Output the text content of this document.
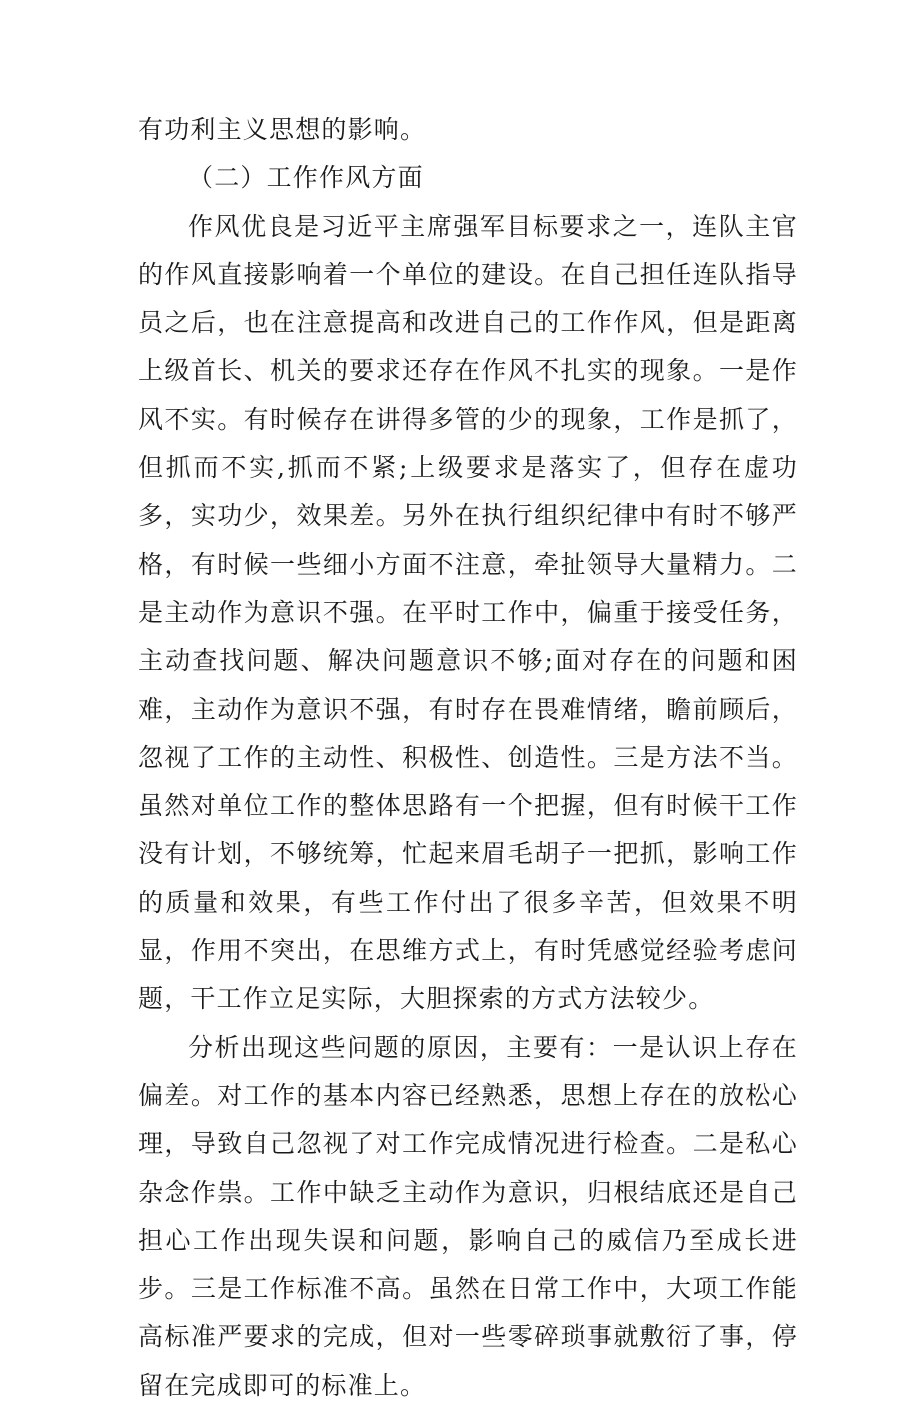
有功利主义思想的影响。

（二）工作作风方面

作风优良是习近平主席强军目标要求之一，连队主官的作风直接影响着一个单位的建设。在自己担任连队指导员之后，也在注意提高和改进自己的工作作风，但是距离上级首长、机关的要求还存在作风不扎实的现象。一是作风不实。有时候存在讲得多管的少的现象，工作是抓了，但抓而不实,抓而不紧;上级要求是落实了，但存在虚功多，实功少，效果差。另外在执行组织纪律中有时不够严格，有时候一些细小方面不注意，牵扯领导大量精力。二是主动作为意识不强。在平时工作中，偏重于接受任务，主动查找问题、解决问题意识不够;面对存在的问题和困难，主动作为意识不强，有时存在畏难情绪，瞻前顾后，忽视了工作的主动性、积极性、创造性。三是方法不当。虽然对单位工作的整体思路有一个把握，但有时候干工作没有计划，不够统筹，忙起来眉毛胡子一把抓，影响工作的质量和效果，有些工作付出了很多辛苦，但效果不明显，作用不突出，在思维方式上，有时凭感觉经验考虑问题，干工作立足实际，大胆探索的方式方法较少。

分析出现这些问题的原因，主要有：一是认识上存在偏差。对工作的基本内容已经熟悉，思想上存在的放松心理，导致自己忽视了对工作完成情况进行检查。二是私心杂念作祟。工作中缺乏主动作为意识，归根结底还是自己担心工作出现失误和问题，影响自己的威信乃至成长进步。三是工作标准不高。虽然在日常工作中，大项工作能高标准严要求的完成，但对一些零碎琐事就敷衍了事，停留在完成即可的标准上。
